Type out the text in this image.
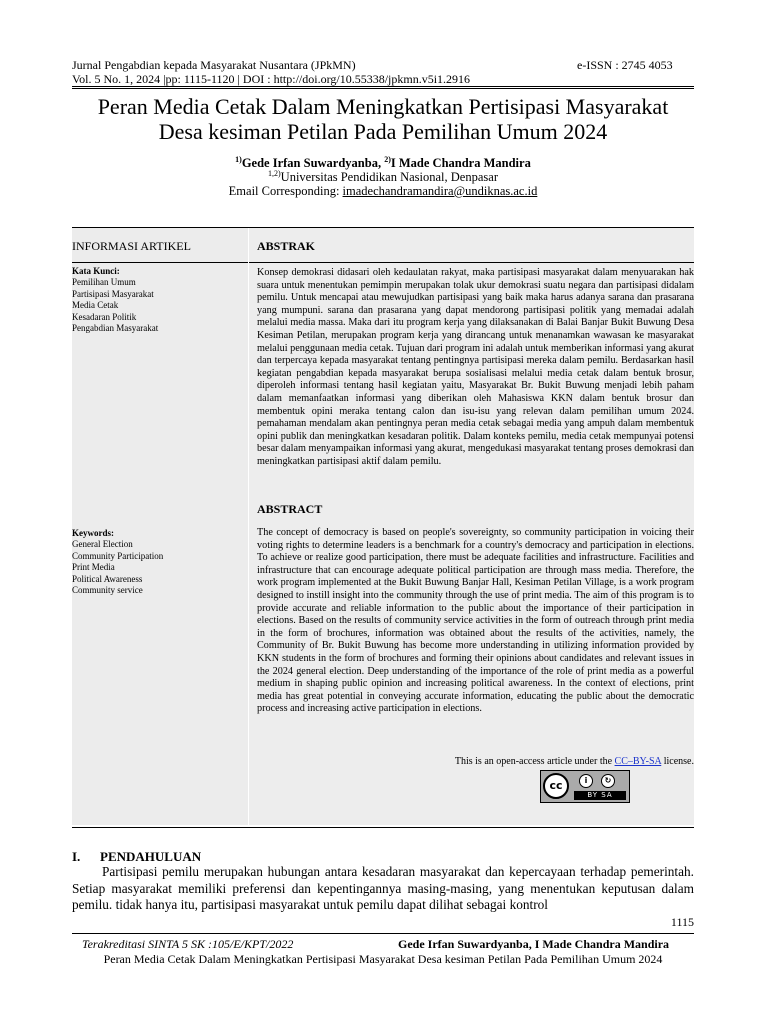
Jurnal Pengabdian kepada Masyarakat Nusantara (JPkMN)	e-ISSN : 2745 4053
Vol. 5 No. 1, 2024 |pp: 1115-1120 | DOI : http://doi.org/10.55338/jpkmn.v5i1.2916
Peran Media Cetak Dalam Meningkatkan Pertisipasi Masyarakat
Desa kesiman Petilan Pada Pemilihan Umum 2024
$^{1)}$Gede Irfan Suwardyanba, $^{2)}$I Made Chandra Mandira
$^{1,2)}$Universitas Pendidikan Nasional, Denpasar
Email Corresponding: imadechandramandira@undiknas.ac.id
INFORMASI ARTIKEL	ABSTRAK
Kata Kunci:
Pemilihan Umum
Partisipasi Masyarakat
Media Cetak
Kesadaran Politik
Pengabdian Masyarakat
Konsep demokrasi didasari oleh kedaulatan rakyat, maka partisipasi masyarakat dalam menyuarakan hak suara untuk menentukan pemimpin merupakan tolak ukur demokrasi suatu negara dan partisipasi didalam pemilu. Untuk mencapai atau mewujudkan partisipasi yang baik maka harus adanya sarana dan prasarana yang mumpuni. sarana dan prasarana yang dapat mendorong partisipasi politik yang memadai adalah melalui media massa. Maka dari itu program kerja yang dilaksanakan di Balai Banjar Bukit Buwung Desa Kesiman Petilan, merupakan program kerja yang dirancang untuk menanamkan wawasan ke masyarakat melalui penggunaan media cetak. Tujuan dari program ini adalah untuk memberikan informasi yang akurat dan terpercaya kepada masyarakat tentang pentingnya partisipasi mereka dalam pemilu. Berdasarkan hasil kegiatan pengabdian kepada masyarakat berupa sosialisasi melalui media cetak dalam bentuk brosur, diperoleh informasi tentang hasil kegiatan yaitu, Masyarakat Br. Bukit Buwung menjadi lebih paham dalam memanfaatkan informasi yang diberikan oleh Mahasiswa KKN dalam bentuk brosur dan membentuk opini meraka tentang calon dan isu-isu yang relevan dalam pemilihan umum 2024. pemahaman mendalam akan pentingnya peran media cetak sebagai media yang ampuh dalam membentuk opini publik dan meningkatkan kesadaran politik. Dalam konteks pemilu, media cetak mempunyai potensi besar dalam menyampaikan informasi yang akurat, mengedukasi masyarakat tentang proses demokrasi dan meningkatkan partisipasi aktif dalam pemilu.
ABSTRACT
Keywords:
General Election
Community Participation
Print Media
Political Awareness
Community service
The concept of democracy is based on people's sovereignty, so community participation in voicing their voting rights to determine leaders is a benchmark for a country's democracy and participation in elections. To achieve or realize good participation, there must be adequate facilities and infrastructure. Facilities and infrastructure that can encourage adequate political participation are through mass media. Therefore, the work program implemented at the Bukit Buwung Banjar Hall, Kesiman Petilan Village, is a work program designed to instill insight into the community through the use of print media. The aim of this program is to provide accurate and reliable information to the public about the importance of their participation in elections. Based on the results of community service activities in the form of outreach through print media in the form of brochures, information was obtained about the results of the activities, namely, the Community of Br. Bukit Buwung has become more understanding in utilizing information provided by KKN students in the form of brochures and forming their opinions about candidates and relevant issues in the 2024 general election. Deep understanding of the importance of the role of print media as a powerful medium in shaping public opinion and increasing political awareness. In the context of elections, print media has great potential in conveying accurate information, educating the public about the democratic process and increasing active participation in elections.
This is an open-access article under the CC–BY-SA license.
cc	i	↻
BY SA
I. PENDAHULUAN
Partisipasi pemilu merupakan hubungan antara kesadaran masyarakat dan kepercayaan terhadap pemerintah. Setiap masyarakat memiliki preferensi dan kepentingannya masing-masing, yang menentukan keputusan dalam pemilu. tidak hanya itu, partisipasi masyarakat untuk pemilu dapat dilihat sebagai kontrol
1115
Terakreditasi SINTA 5 SK :105/E/KPT/2022	Gede Irfan Suwardyanba, I Made Chandra Mandira
Peran Media Cetak Dalam Meningkatkan Pertisipasi Masyarakat Desa kesiman Petilan Pada Pemilihan Umum 2024
